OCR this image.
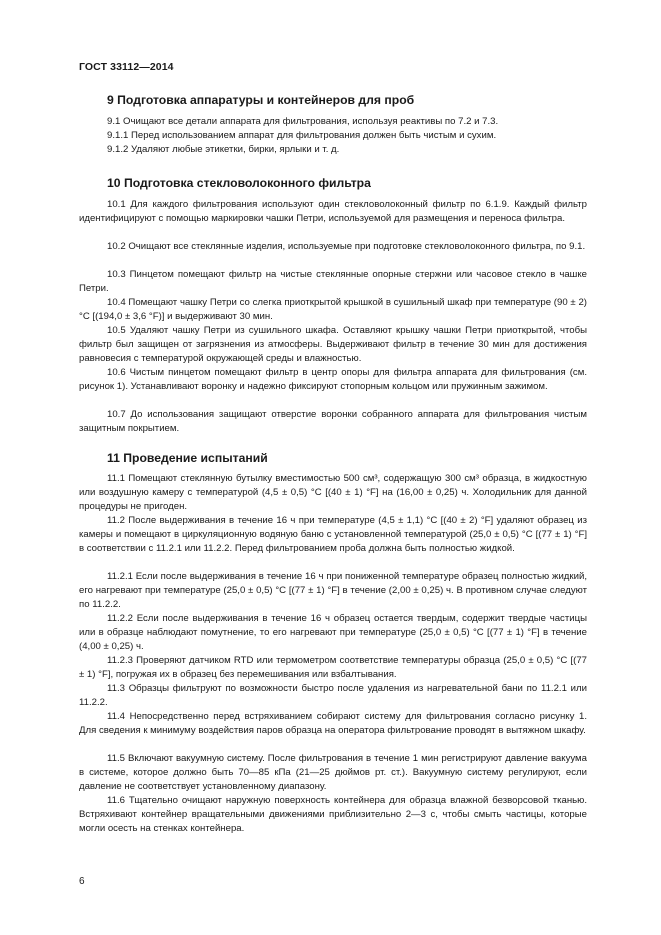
ГОСТ 33112—2014
9 Подготовка аппаратуры и контейнеров для проб

9.1 Очищают все детали аппарата для фильтрования, используя реактивы по 7.2 и 7.3.

9.1.1 Перед использованием аппарат для фильтрования должен быть чистым и сухим.

9.1.2 Удаляют любые этикетки, бирки, ярлыки и т. д.

10 Подготовка стекловолоконного фильтра

10.1 Для каждого фильтрования используют один стекловолоконный фильтр по 6.1.9. Каждый фильтр идентифицируют с помощью маркировки чашки Петри, используемой для размещения и переноса фильтра.

10.2 Очищают все стеклянные изделия, используемые при подготовке стекловолоконного фильтра, по 9.1.

10.3 Пинцетом помещают фильтр на чистые стеклянные опорные стержни или часовое стекло в чашке Петри.

10.4 Помещают чашку Петри со слегка приоткрытой крышкой в сушильный шкаф при температуре (90 ± 2) °С [(194,0 ± 3,6 °F)] и выдерживают 30 мин.

10.5 Удаляют чашку Петри из сушильного шкафа. Оставляют крышку чашки Петри приоткрытой, чтобы фильтр был защищен от загрязнения из атмосферы. Выдерживают фильтр в течение 30 мин для достижения равновесия с температурой окружающей среды и влажностью.

10.6 Чистым пинцетом помещают фильтр в центр опоры для фильтра аппарата для фильтрования (см. рисунок 1). Устанавливают воронку и надежно фиксируют стопорным кольцом или пружинным зажимом.

10.7 До использования защищают отверстие воронки собранного аппарата для фильтрования чистым защитным покрытием.

11 Проведение испытаний

11.1 Помещают стеклянную бутылку вместимостью 500 см³, содержащую 300 см³ образца, в жидкостную или воздушную камеру с температурой (4,5 ± 0,5) °С [(40 ± 1) °F] на (16,00 ± 0,25) ч. Холодильник для данной процедуры не пригоден.

11.2 После выдерживания в течение 16 ч при температуре (4,5 ± 1,1) °С [(40 ± 2) °F] удаляют образец из камеры и помещают в циркуляционную водяную баню с установленной температурой (25,0 ± 0,5) °С [(77 ± 1) °F] в соответствии с 11.2.1 или 11.2.2. Перед фильтрованием проба должна быть полностью жидкой.

11.2.1 Если после выдерживания в течение 16 ч при пониженной температуре образец полностью жидкий, его нагревают при температуре (25,0 ± 0,5) °С [(77 ± 1) °F] в течение (2,00 ± 0,25) ч. В противном случае следуют по 11.2.2.

11.2.2 Если после выдерживания в течение 16 ч образец остается твердым, содержит твердые частицы или в образце наблюдают помутнение, то его нагревают при температуре (25,0 ± 0,5) °С [(77 ± 1) °F] в течение (4,00 ± 0,25) ч.

11.2.3 Проверяют датчиком RTD или термометром соответствие температуры образца (25,0 ± 0,5) °С [(77 ± 1) °F], погружая их в образец без перемешивания или взбалтывания.

11.3 Образцы фильтруют по возможности быстро после удаления из нагревательной бани по 11.2.1 или 11.2.2.

11.4 Непосредственно перед встряхиванием собирают систему для фильтрования согласно рисунку 1. Для сведения к минимуму воздействия паров образца на оператора фильтрование проводят в вытяжном шкафу.

11.5 Включают вакуумную систему. После фильтрования в течение 1 мин регистрируют давление вакуума в системе, которое должно быть 70—85 кПа (21—25 дюймов рт. ст.). Вакуумную систему регулируют, если давление не соответствует установленному диапазону.

11.6 Тщательно очищают наружную поверхность контейнера для образца влажной безворсовой тканью. Встряхивают контейнер вращательными движениями приблизительно 2—3 с, чтобы смыть частицы, которые могли осесть на стенках контейнера.

6
